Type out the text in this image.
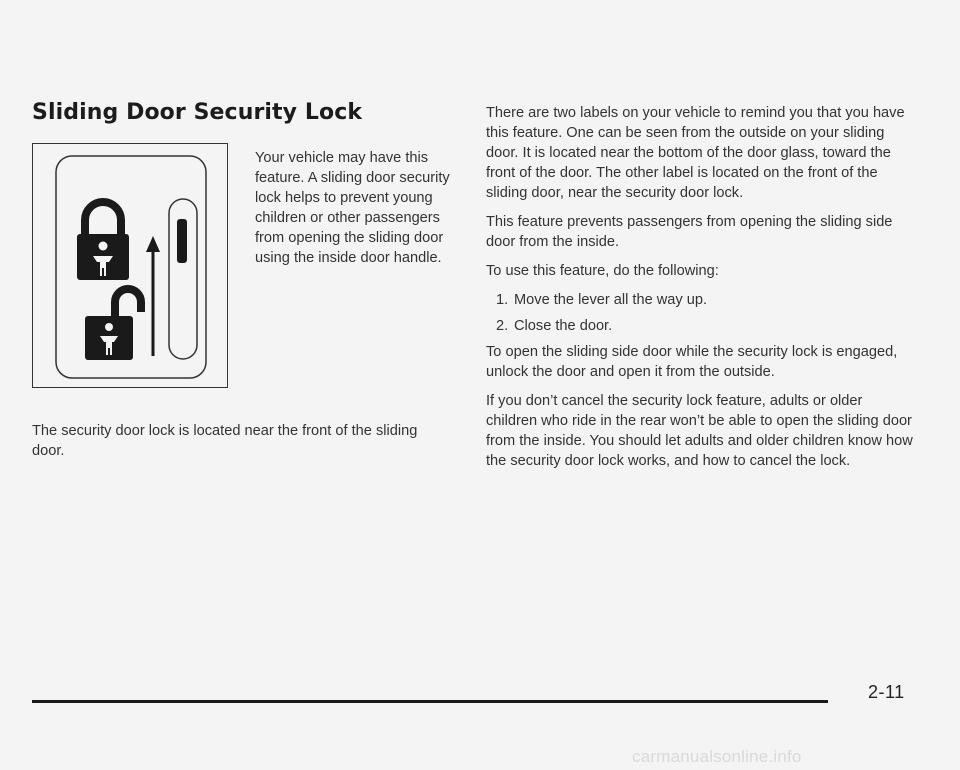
Sliding Door Security Lock

Your vehicle may have this feature. A sliding door security lock helps to prevent young children or other passengers from opening the sliding door using the inside door handle.

The security door lock is located near the front of the sliding door.

There are two labels on your vehicle to remind you that you have this feature. One can be seen from the outside on your sliding door. It is located near the bottom of the door glass, toward the front of the door. The other label is located on the front of the sliding door, near the security door lock.

This feature prevents passengers from opening the sliding side door from the inside.

To use this feature, do the following:

1. Move the lever all the way up.
2. Close the door.

To open the sliding side door while the security lock is engaged, unlock the door and open it from the outside.

If you don’t cancel the security lock feature, adults or older children who ride in the rear won’t be able to open the sliding door from the inside. You should let adults and older children know how the security door lock works, and how to cancel the lock.

2-11
carmanualsonline.info
